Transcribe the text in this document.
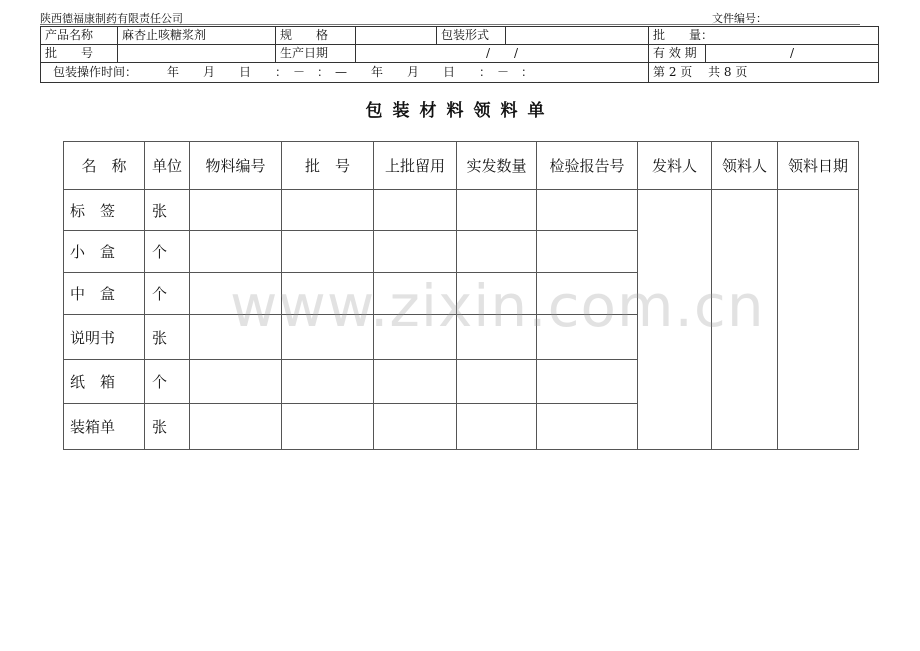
陕西德福康制药有限责任公司	文件编号：
产品名称	麻杏止咳糖浆剂	规　　格		包装形式		批　　量：	
批　　号		生产日期	/　　/			有 效 期	/
包装操作时间：　　　年　　月　　日　　：　－　：　—　　年　　月　　日　　：　－　：						第 2 页　 共 8 页	
包装材料领料单
名　称	单位	物料编号	批　号	上批留用	实发数量	检验报告号	发料人	领料人	领料日期
标　签	张								
小　盒	个								
中　盒	个								
说明书	张								
纸　箱	个								
装箱单	张								
www.zixin.com.cn
